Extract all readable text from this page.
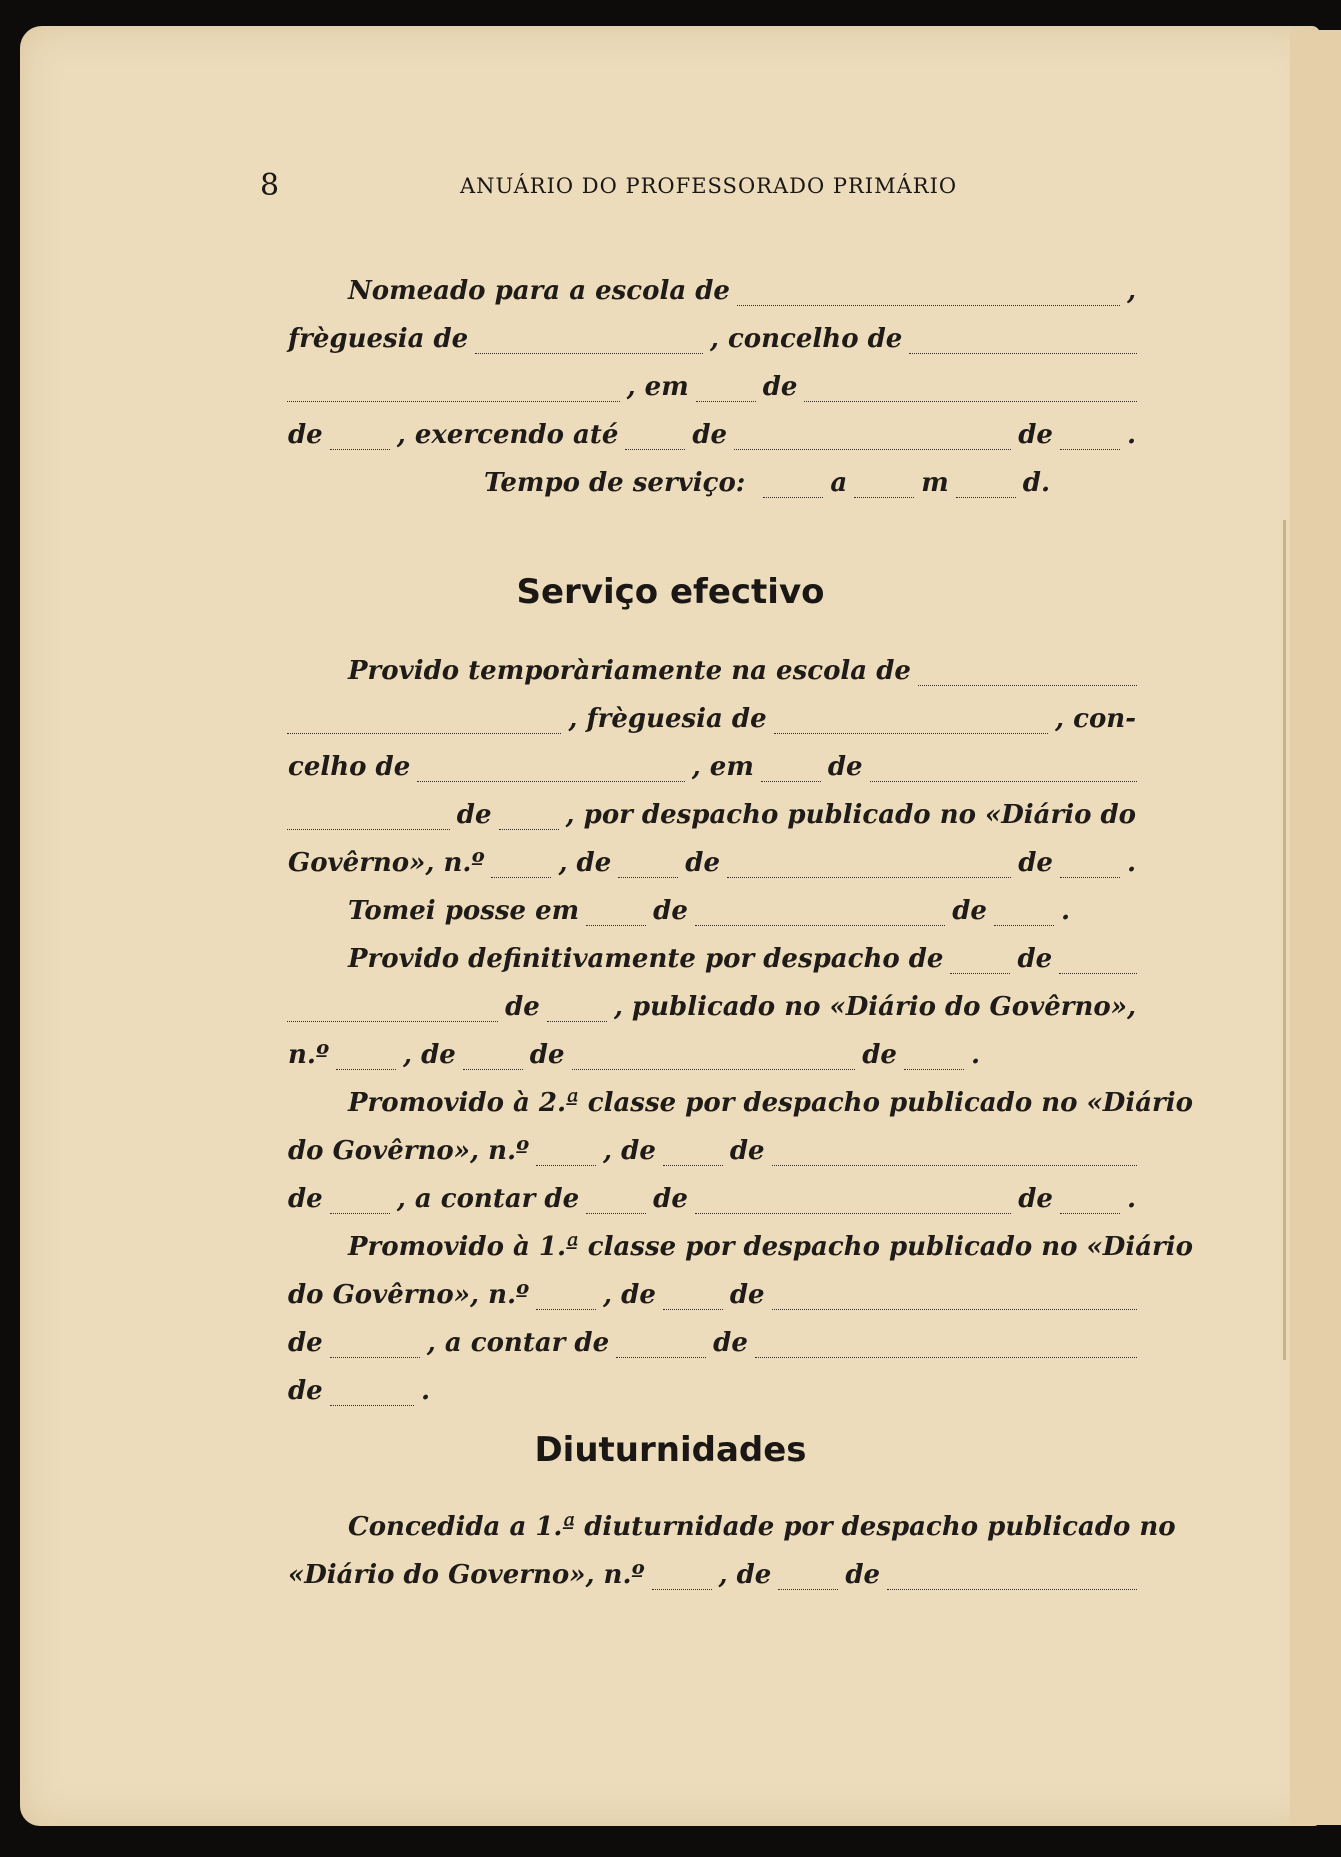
8	ANUÁRIO DO PROFESSORADO PRIMÁRIO
Nomeado para a escola de	,
frèguesia de	, concelho de
, em	de
de	, exercendo até	de	de	.
Tempo de serviço:	a	m	d.
Serviço efectivo
Provido temporàriamente na escola de
, frèguesia de	, con-
celho de	, em	de
de	, por despacho publicado no «Diário do
Govêrno», n.º	, de	de	de	.
Tomei posse em	de	de	.
Provido definitivamente por despacho de	de
de	, publicado no «Diário do Govêrno»,
n.º	, de	de	de	.
Promovido à 2.ª classe por despacho publicado no «Diário
do Govêrno», n.º	, de	de
de	, a contar de	de	de	.
Promovido à 1.ª classe por despacho publicado no «Diário
do Govêrno», n.º	, de	de
de	, a contar de	de
de	.
Diuturnidades
Concedida a 1.ª diuturnidade por despacho publicado no
«Diário do Governo», n.º	, de	de
